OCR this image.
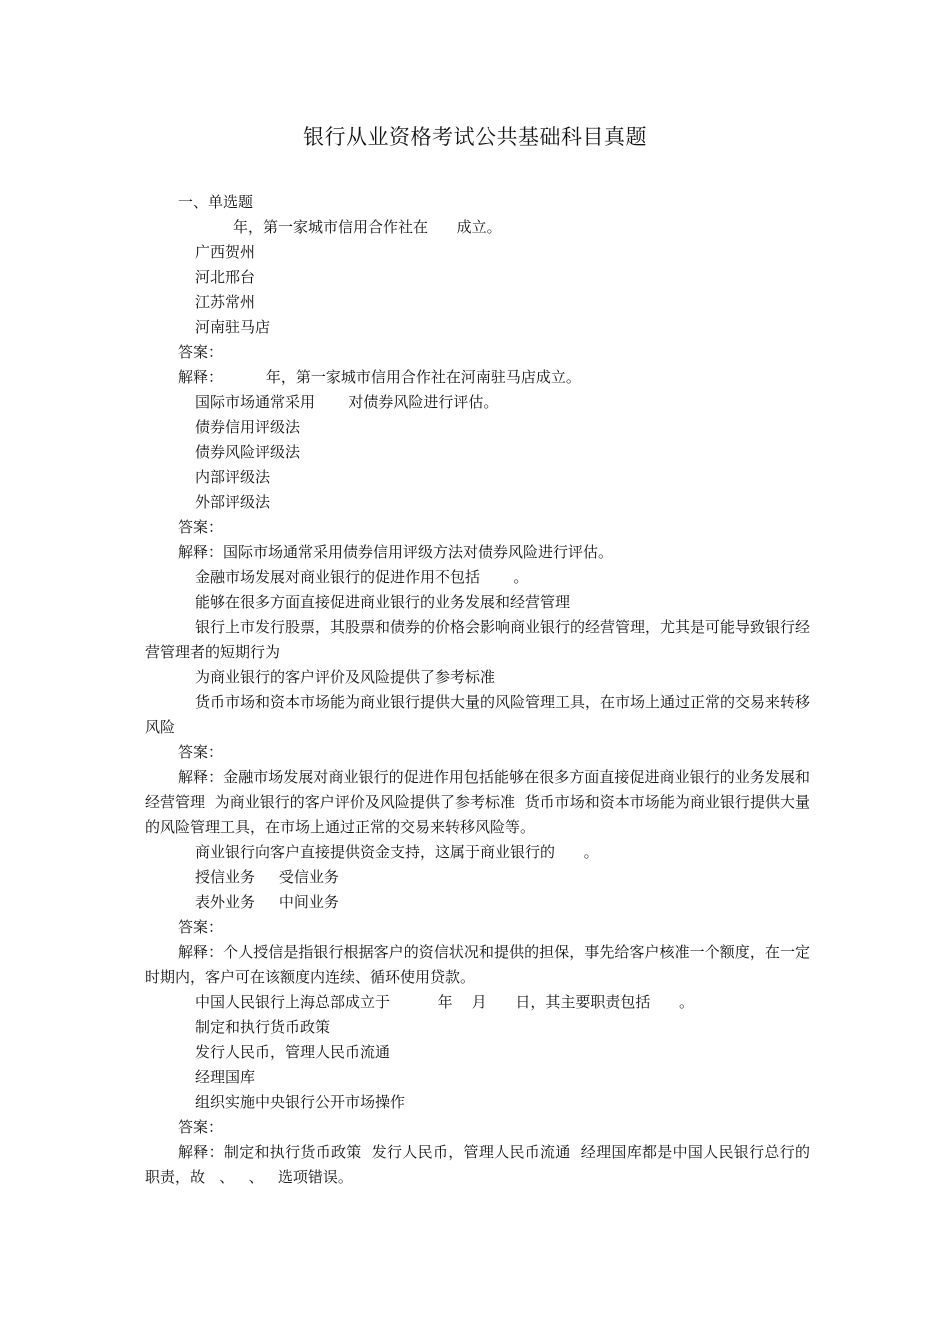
银行从业资格考试公共基础科目真题

一、单选题

年，第一家城市信用合作社在      成立。

广西贺州

河北邢台

江苏常州

河南驻马店

答案：

解释：         年，第一家城市信用合作社在河南驻马店成立。

国际市场通常采用       对债券风险进行评估。

债券信用评级法

债券风险评级法

内部评级法

外部评级法

答案：

解释：国际市场通常采用债券信用评级方法对债券风险进行评估。

金融市场发展对商业银行的促进作用不包括       。

能够在很多方面直接促进商业银行的业务发展和经营管理

银行上市发行股票，其股票和债券的价格会影响商业银行的经营管理，尤其是可能导致银行经营管理者的短期行为

为商业银行的客户评价及风险提供了参考标准

货币市场和资本市场能为商业银行提供大量的风险管理工具，在市场上通过正常的交易来转移风险

答案：

解释：金融市场发展对商业银行的促进作用包括能够在很多方面直接促进商业银行的业务发展和经营管理  为商业银行的客户评价及风险提供了参考标准  货币市场和资本市场能为商业银行提供大量的风险管理工具，在市场上通过正常的交易来转移风险等。

商业银行向客户直接提供资金支持，这属于商业银行的      。

授信业务     受信业务

表外业务     中间业务

答案：

解释：个人授信是指银行根据客户的资信状况和提供的担保，事先给客户核准一个额度，在一定时期内，客户可在该额度内连续、循环使用贷款。

中国人民银行上海总部成立于          年    月      日，其主要职责包括      。

制定和执行货币政策

发行人民币，管理人民币流通

经理国库

组织实施中央银行公开市场操作

答案：

解释：制定和执行货币政策  发行人民币，管理人民币流通  经理国库都是中国人民银行总行的职责，故   、   、   选项错误。
